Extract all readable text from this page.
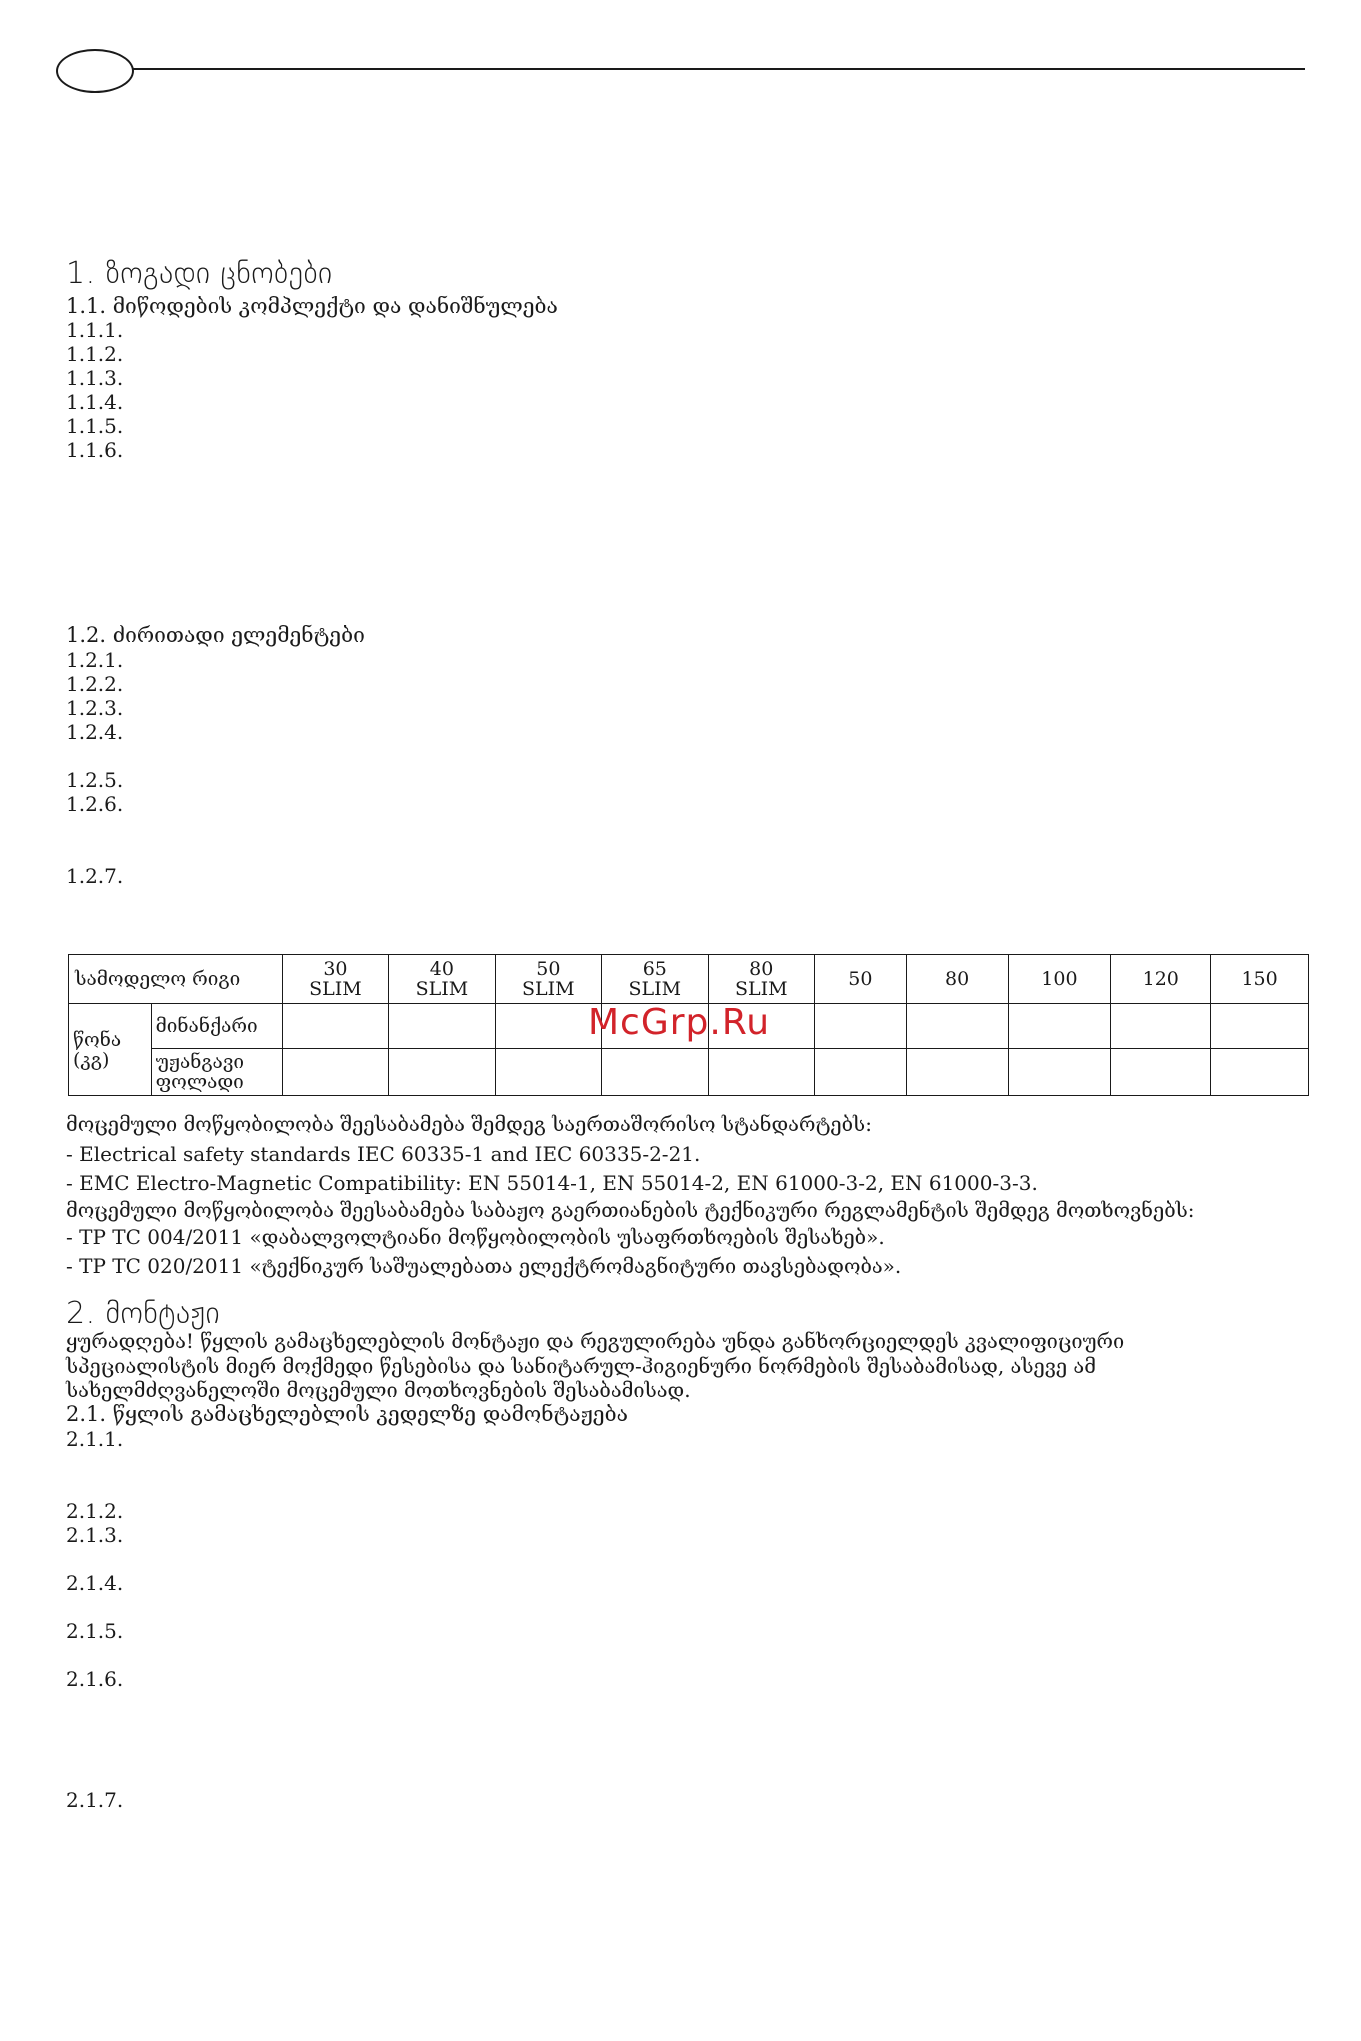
1. ზოგადი ცნობები
1.1. მიწოდების კომპლექტი და დანიშნულება
1.1.1.
1.1.2.
1.1.3.
1.1.4.
1.1.5.
1.1.6.
1.2. ძირითადი ელემენტები
1.2.1.
1.2.2.
1.2.3.
1.2.4.
1.2.5.
1.2.6.
1.2.7.
სამოდელო რიგი		30 SLIM	40 SLIM	50 SLIM	65 SLIM	80 SLIM	50	80	100	120	150
წონა (კგ)	მინანქარი										
	უჟანგავი ფოლადი										
McGrp.Ru
მოცემული მოწყობილობა შეესაბამება შემდეგ საერთაშორისო სტანდარტებს:
- Electrical safety standards IEC 60335-1 and IEC 60335-2-21.
- EMC Electro-Magnetic Compatibility: EN 55014-1, EN 55014-2, EN 61000-3-2, EN 61000-3-3.
მოცემული მოწყობილობა შეესაბამება საბაჟო გაერთიანების ტექნიკური რეგლამენტის შემდეგ მოთხოვნებს:
- TP TC 004/2011 «დაბალვოლტიანი მოწყობილობის უსაფრთხოების შესახებ».
- TP TC 020/2011 «ტექნიკურ საშუალებათა ელექტრომაგნიტური თავსებადობა».
2. მონტაჟი
ყურადღება! წყლის გამაცხელებლის მონტაჟი და რეგულირება უნდა განხორციელდეს კვალიფიციური
სპეციალისტის მიერ მოქმედი წესებისა და სანიტარულ-ჰიგიენური ნორმების შესაბამისად, ასევე ამ
სახელმძღვანელოში მოცემული მოთხოვნების შესაბამისად.
2.1. წყლის გამაცხელებლის კედელზე დამონტაჟება
2.1.1.
2.1.2.
2.1.3.
2.1.4.
2.1.5.
2.1.6.
2.1.7.
